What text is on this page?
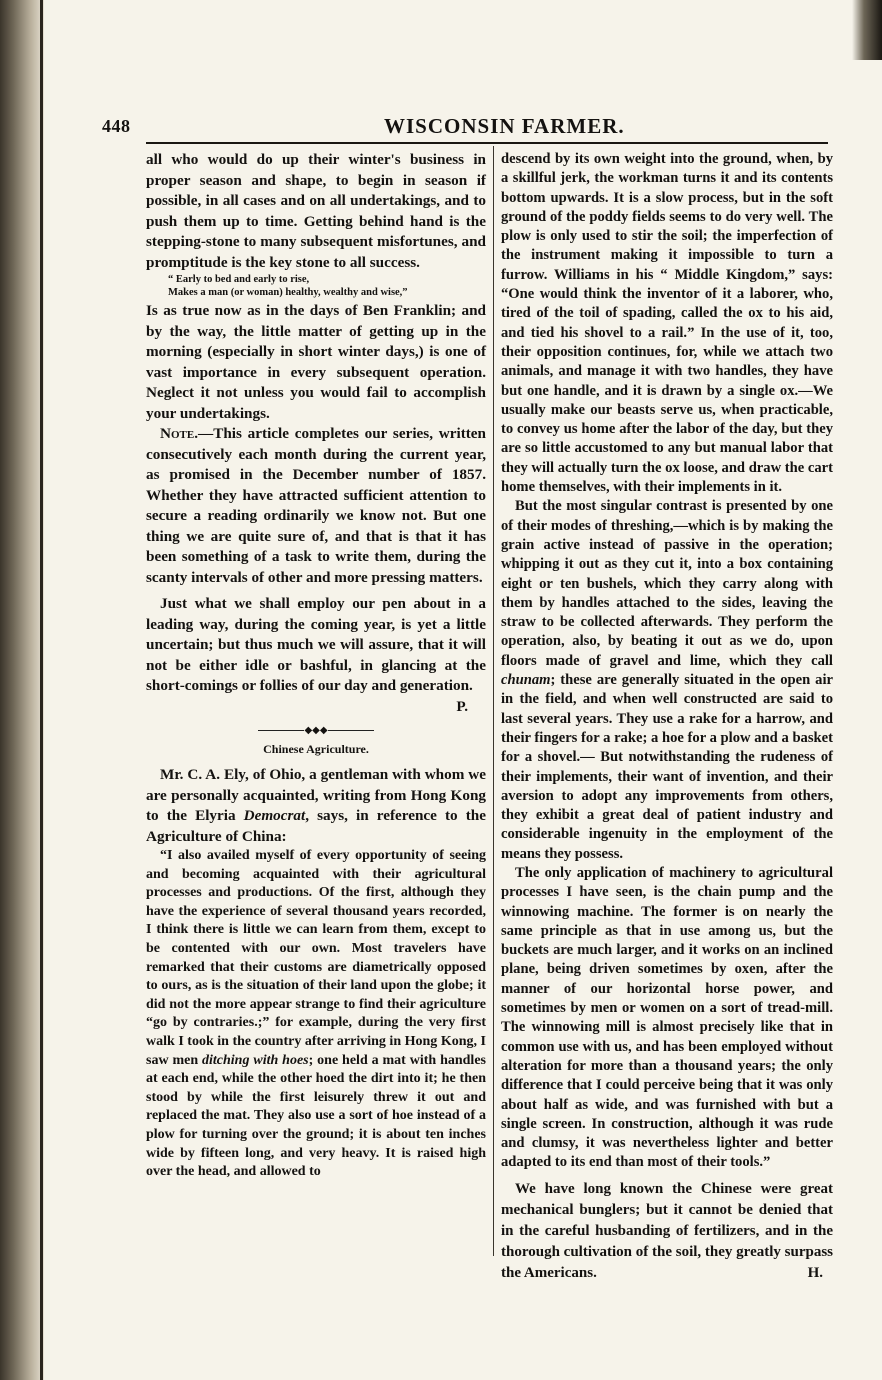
448	WISCONSIN FARMER.

all who would do up their winter's business in proper season and shape, to begin in season if possible, in all cases and on all undertakings, and to push them up to time. Getting behind hand is the stepping-stone to many subsequent misfortunes, and promptitude is the key stone to all success.

“ Early to bed and early to rise,
Makes a man (or woman) healthy, wealthy and wise,”

Is as true now as in the days of Ben Franklin; and by the way, the little matter of getting up in the morning (especially in short winter days,) is one of vast importance in every subsequent operation. Neglect it not unless you would fail to accomplish your undertakings.

Note.—This article completes our series, written consecutively each month during the current year, as promised in the December number of 1857. Whether they have attracted sufficient attention to secure a reading ordinarily we know not. But one thing we are quite sure of, and that is that it has been something of a task to write them, during the scanty intervals of other and more pressing matters.

Just what we shall employ our pen about in a leading way, during the coming year, is yet a little uncertain; but thus much we will assure, that it will not be either idle or bashful, in glancing at the short-comings or follies of our day and generation.
P.

◆◆◆

Chinese Agriculture.

Mr. C. A. Ely, of Ohio, a gentleman with whom we are personally acquainted, writing from Hong Kong to the Elyria Democrat, says, in reference to the Agriculture of China:

“I also availed myself of every opportunity of seeing and becoming acquainted with their agricultural processes and productions. Of the first, although they have the experience of several thousand years recorded, I think there is little we can learn from them, except to be contented with our own. Most travelers have remarked that their customs are diametrically opposed to ours, as is the situation of their land upon the globe; it did not the more appear strange to find their agriculture “go by contraries.;” for example, during the very first walk I took in the country after arriving in Hong Kong, I saw men ditching with hoes; one held a mat with handles at each end, while the other hoed the dirt into it; he then stood by while the first leisurely threw it out and replaced the mat. They also use a sort of hoe instead of a plow for turning over the ground; it is about ten inches wide by fifteen long, and very heavy. It is raised high over the head, and allowed to

descend by its own weight into the ground, when, by a skillful jerk, the workman turns it and its contents bottom upwards. It is a slow process, but in the soft ground of the poddy fields seems to do very well. The plow is only used to stir the soil; the imperfection of the instrument making it impossible to turn a furrow. Williams in his “ Middle Kingdom,” says: “One would think the inventor of it a laborer, who, tired of the toil of spading, called the ox to his aid, and tied his shovel to a rail.” In the use of it, too, their opposition continues, for, while we attach two animals, and manage it with two handles, they have but one handle, and it is drawn by a single ox.—We usually make our beasts serve us, when practicable, to convey us home after the labor of the day, but they are so little accustomed to any but manual labor that they will actually turn the ox loose, and draw the cart home themselves, with their implements in it.

But the most singular contrast is presented by one of their modes of threshing,—which is by making the grain active instead of passive in the operation; whipping it out as they cut it, into a box containing eight or ten bushels, which they carry along with them by handles attached to the sides, leaving the straw to be collected afterwards. They perform the operation, also, by beating it out as we do, upon floors made of gravel and lime, which they call chunam; these are generally situated in the open air in the field, and when well constructed are said to last several years. They use a rake for a harrow, and their fingers for a rake; a hoe for a plow and a basket for a shovel.— But notwithstanding the rudeness of their implements, their want of invention, and their aversion to adopt any improvements from others, they exhibit a great deal of patient industry and considerable ingenuity in the employment of the means they possess.

The only application of machinery to agricultural processes I have seen, is the chain pump and the winnowing machine. The former is on nearly the same principle as that in use among us, but the buckets are much larger, and it works on an inclined plane, being driven sometimes by oxen, after the manner of our horizontal horse power, and sometimes by men or women on a sort of tread-mill. The winnowing mill is almost precisely like that in common use with us, and has been employed without alteration for more than a thousand years; the only difference that I could perceive being that it was only about half as wide, and was furnished with but a single screen. In construction, although it was rude and clumsy, it was nevertheless lighter and better adapted to its end than most of their tools.”

We have long known the Chinese were great mechanical bunglers; but it cannot be denied that in the careful husbanding of fertilizers, and in the thorough cultivation of the soil, they greatly surpass the Americans.	H.
